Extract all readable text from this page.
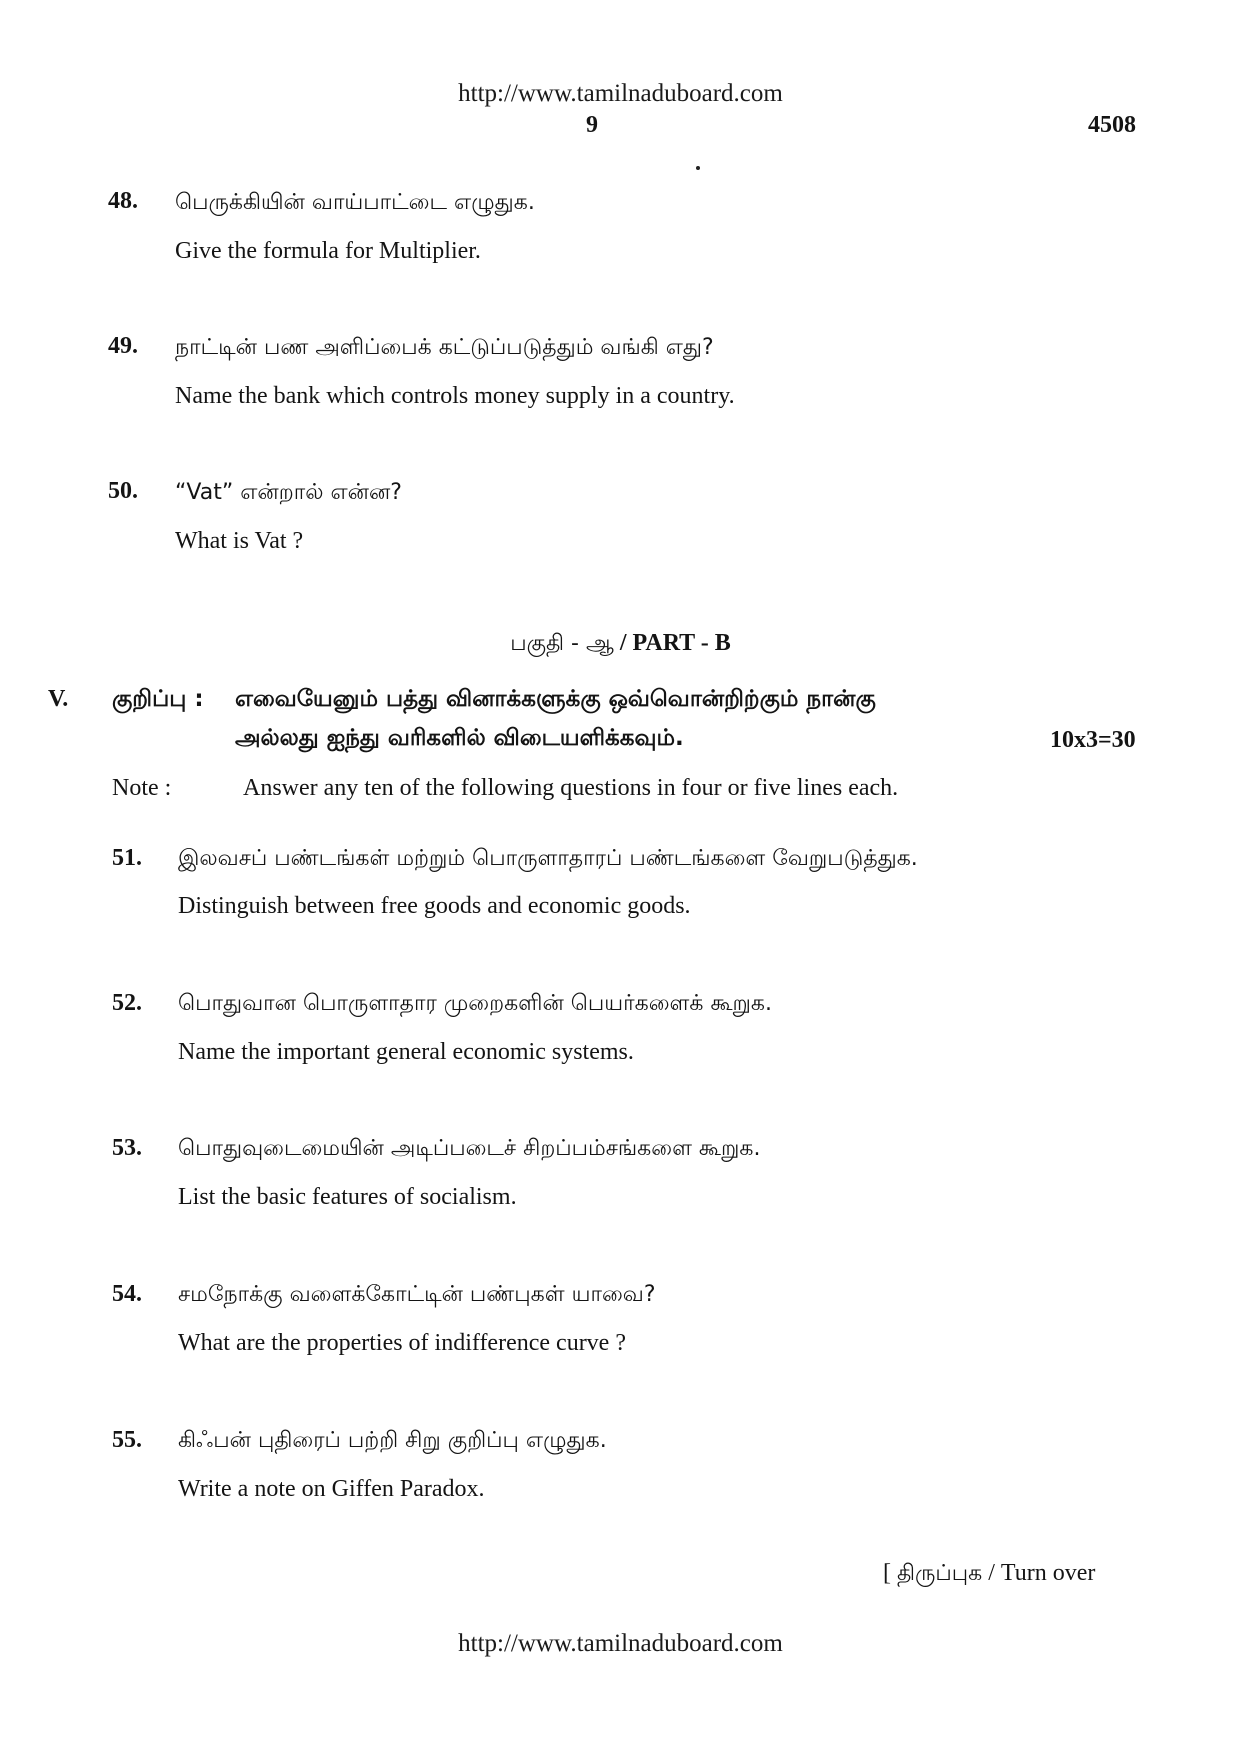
http://www.tamilnaduboard.com
9	4508
48. பெருக்கியின் வாய்பாட்டை எழுதுக.
Give the formula for Multiplier.
49. நாட்டின் பண அளிப்பைக் கட்டுப்படுத்தும் வங்கி எது?
Name the bank which controls money supply in a country.
50. “Vat” என்றால் என்ன?
What is Vat ?
பகுதி - ஆ / PART - B
V. குறிப்பு : எவையேனும் பத்து வினாக்களுக்கு ஒவ்வொன்றிற்கும் நான்கு
அல்லது ஐந்து வரிகளில் விடையளிக்கவும்.	10x3=30
Note :	Answer any ten of the following questions in four or five lines each.
51. இலவசப் பண்டங்கள் மற்றும் பொருளாதாரப் பண்டங்களை வேறுபடுத்துக.
Distinguish between free goods and economic goods.
52. பொதுவான பொருளாதார முறைகளின் பெயர்களைக் கூறுக.
Name the important general economic systems.
53. பொதுவுடைமையின் அடிப்படைச் சிறப்பம்சங்களை கூறுக.
List the basic features of socialism.
54. சமநோக்கு வளைக்கோட்டின் பண்புகள் யாவை?
What are the properties of indifference curve ?
55. கிஃபன் புதிரைப் பற்றி சிறு குறிப்பு எழுதுக.
Write a note on Giffen Paradox.
[ திருப்புக / Turn over
http://www.tamilnaduboard.com
